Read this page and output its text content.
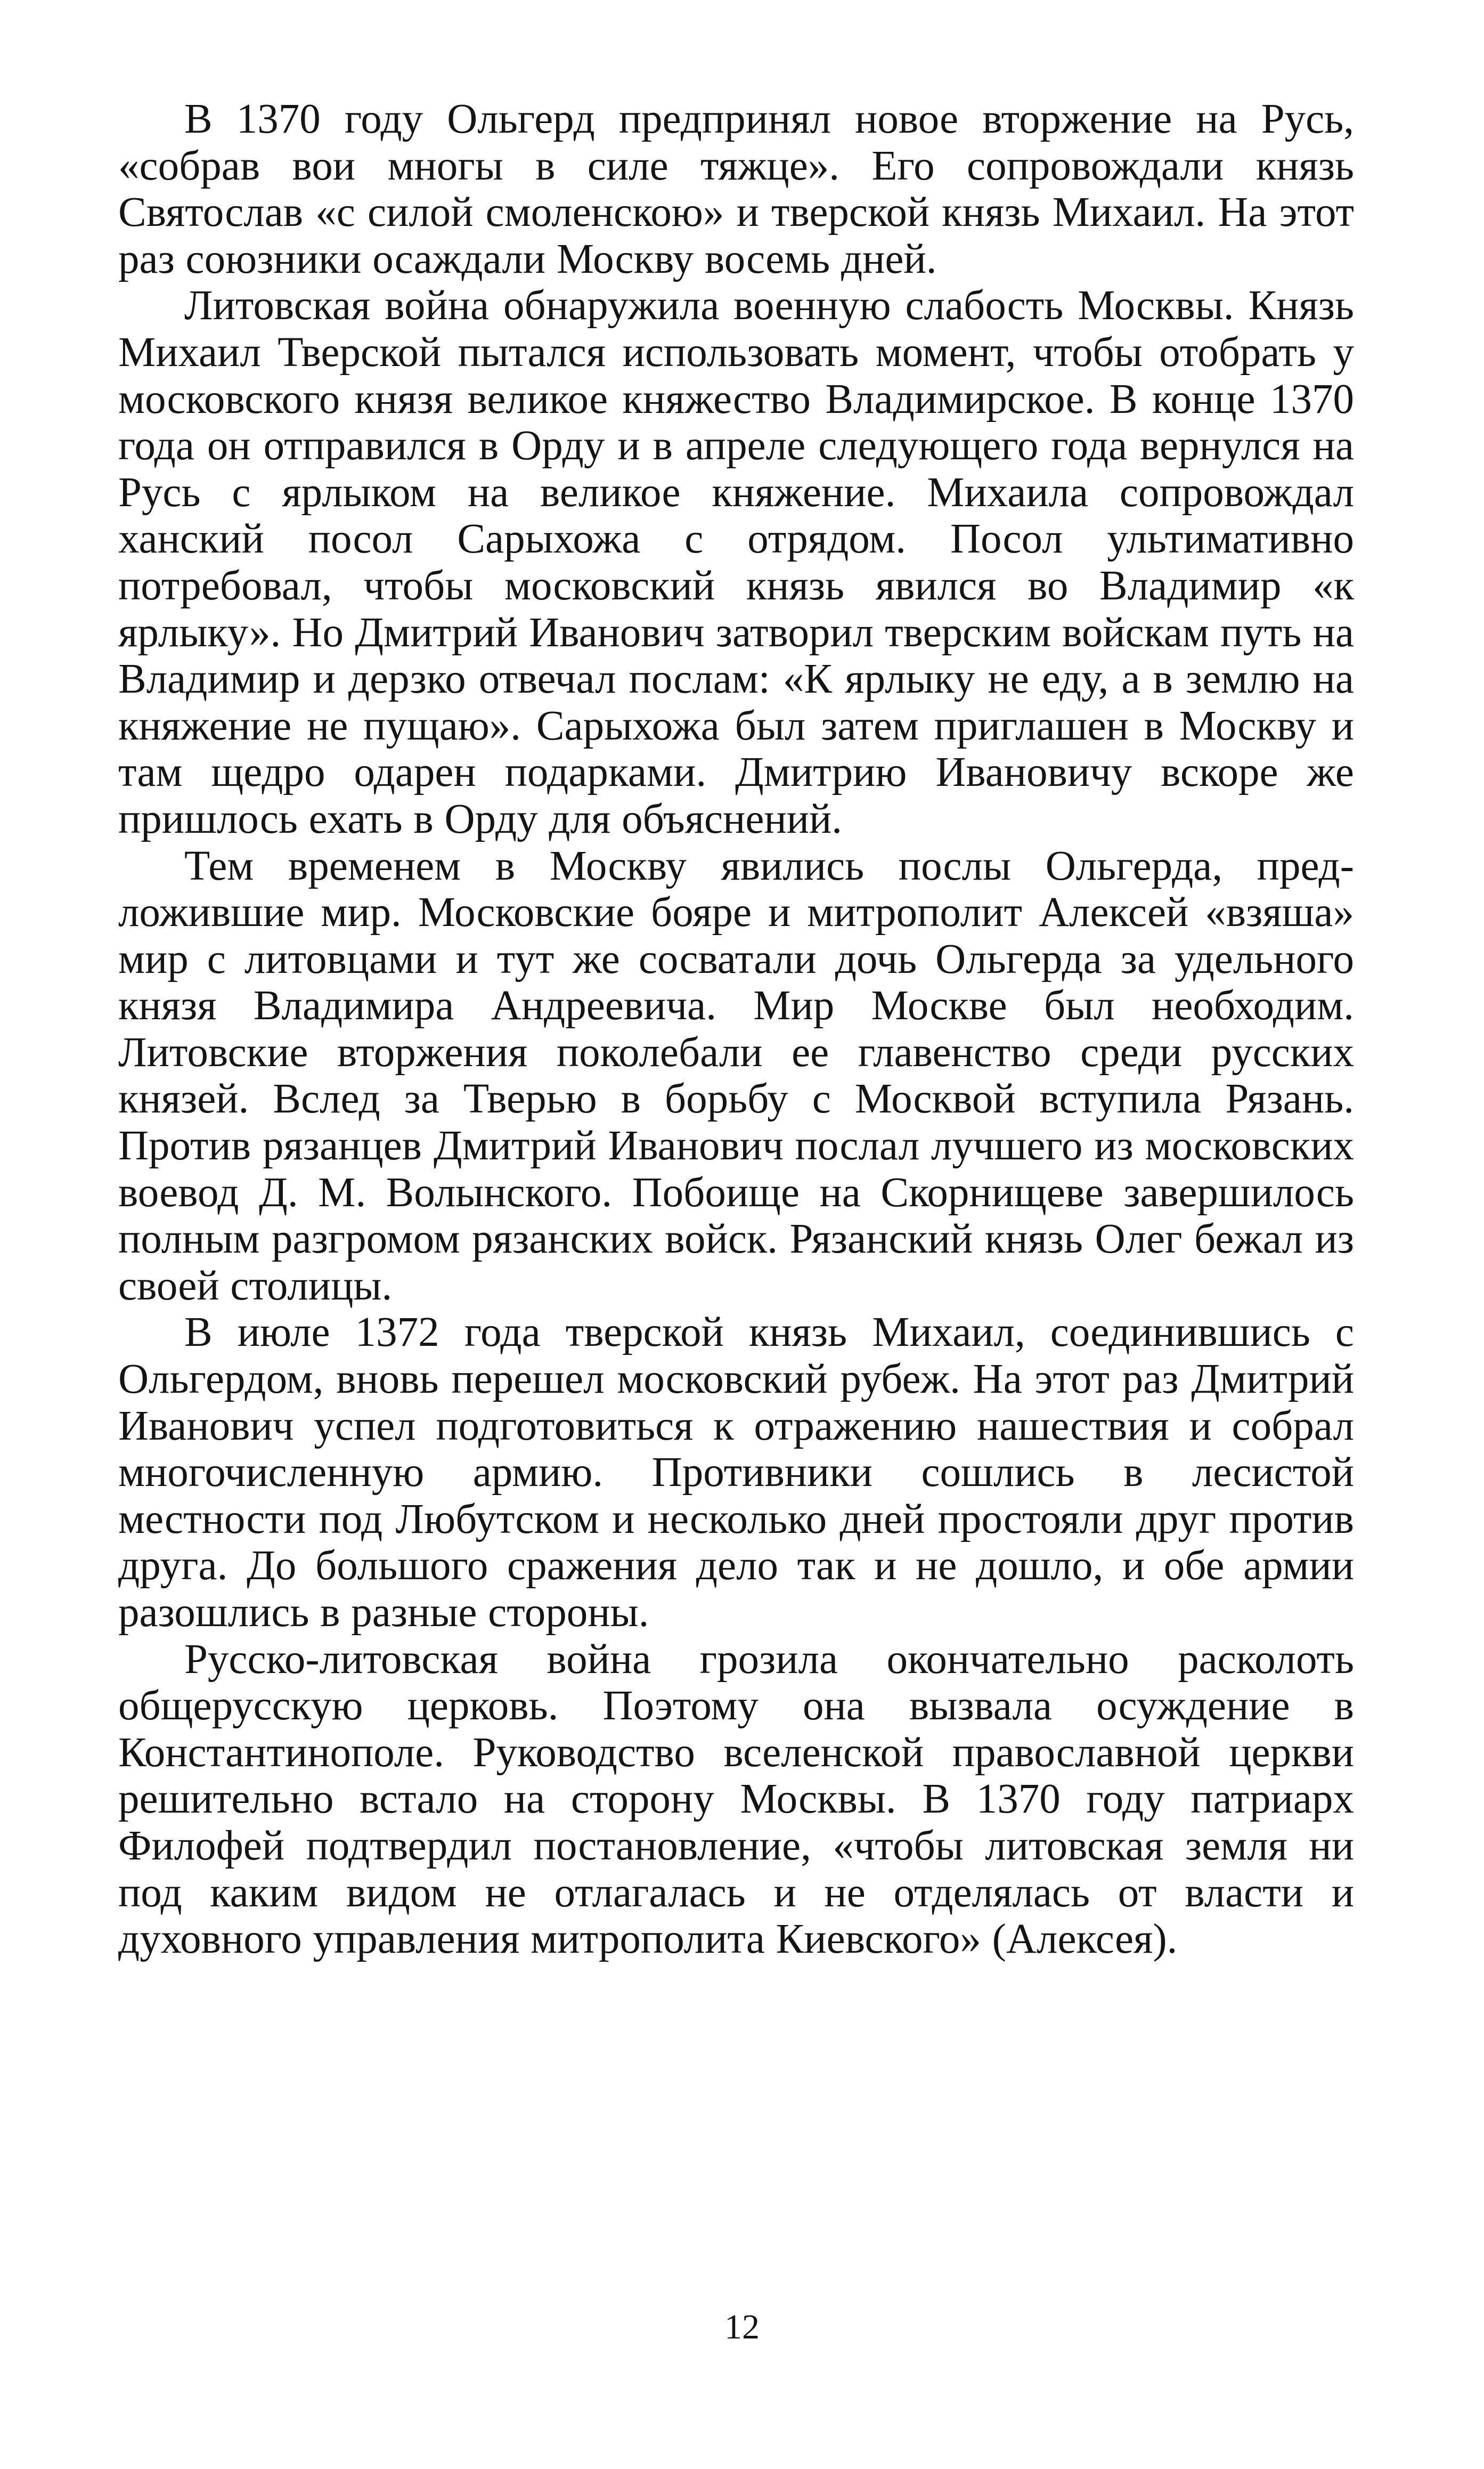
В 1370 году Ольгерд предпринял новое вторжение на Русь, «собрав вои многы в силе тяжце». Его сопровождали князь Святослав «с силой смоленскою» и тверской князь Михаил. На этот раз союзники осаждали Москву восемь дней.

Литовская война обнаружила военную слабость Москвы. Князь Михаил Тверской пытался использовать момент, чтобы отобрать у московского князя великое княжество Владимирское. В конце 1370 года он отправился в Орду и в апреле следующего года вернулся на Русь с ярлыком на великое княжение. Михаила сопровождал ханский посол Сарыхожа с отрядом. Посол ультимативно потребовал, чтобы московский князь явился во Владимир «к ярлыку». Но Дмитрий Иванович затворил тверским войскам путь на Владимир и дерзко отвечал послам: «К ярлыку не еду, а в землю на княжение не пущаю». Сарыхожа был затем приглашен в Москву и там щедро одарен подарками. Дмитрию Ивановичу вскоре же пришлось ехать в Орду для объяснений.

Тем временем в Москву явились послы Ольгерда, предложившие мир. Московские бояре и митрополит Алексей «взяша» мир с литовцами и тут же сосватали дочь Ольгерда за удельного князя Владимира Андреевича. Мир Москве был необходим. Литовские вторжения поколебали ее главенство среди русских князей. Вслед за Тверью в борьбу с Москвой вступила Рязань. Против рязанцев Дмитрий Иванович послал лучшего из московских воевод Д. М. Волынского. Побоище на Скорнищеве завершилось полным разгромом рязанских войск. Рязанский князь Олег бежал из своей столицы.

В июле 1372 года тверской князь Михаил, соединившись с Ольгердом, вновь перешел московский рубеж. На этот раз Дмитрий Иванович успел подготовиться к отражению нашествия и собрал многочисленную армию. Противники сошлись в лесистой местности под Любутском и несколько дней простояли друг против друга. До большого сражения дело так и не дошло, и обе армии разошлись в разные стороны.

Русско-литовская война грозила окончательно расколоть общерусскую церковь. Поэтому она вызвала осуждение в Константинополе. Руководство вселенской православной церкви решительно встало на сторону Москвы. В 1370 году патриарх Филофей подтвердил постановление, «чтобы литовская земля ни под каким видом не отлагалась и не отделялась от власти и духовного управления митрополита Киевского» (Алексея).

12
